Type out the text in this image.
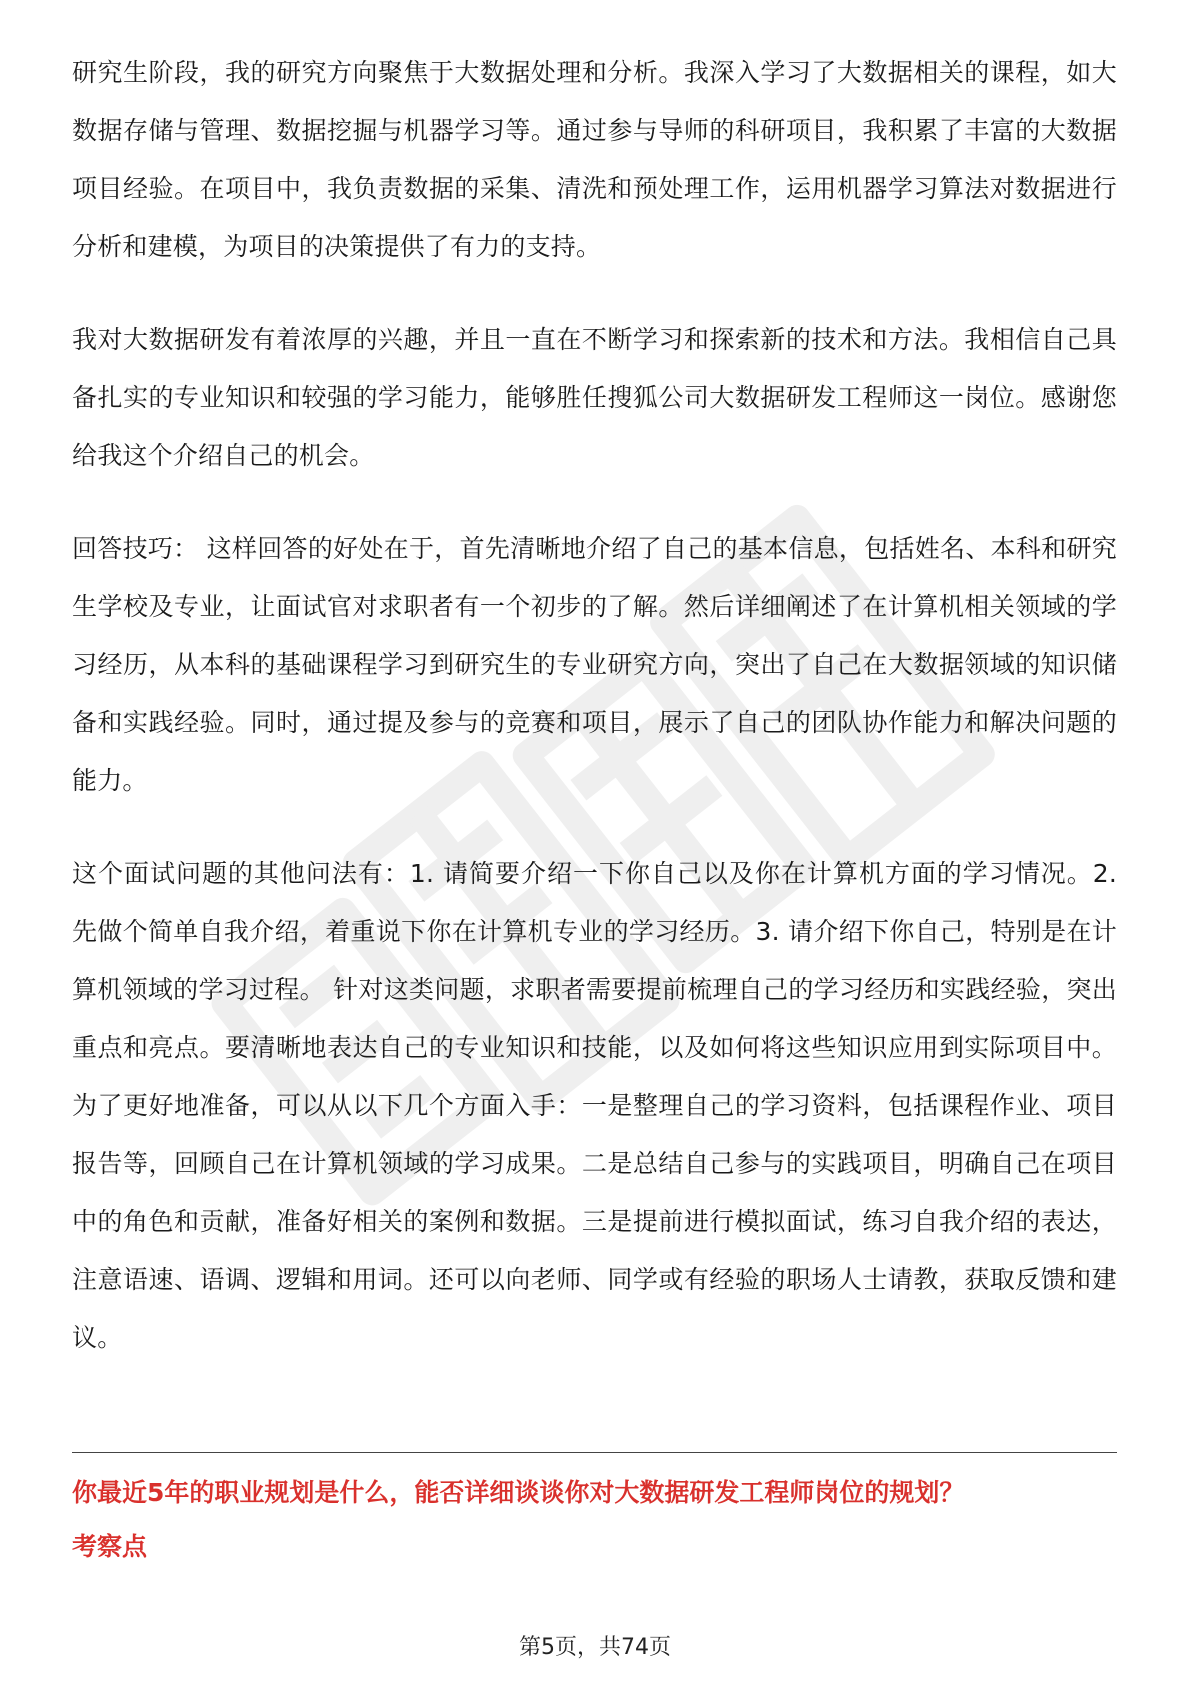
研究生阶段，我的研究方向聚焦于大数据处理和分析。我深入学习了大数据相关的课程，如大数据存储与管理、数据挖掘与机器学习等。通过参与导师的科研项目，我积累了丰富的大数据项目经验。在项目中，我负责数据的采集、清洗和预处理工作，运用机器学习算法对数据进行分析和建模，为项目的决策提供了有力的支持。

我对大数据研发有着浓厚的兴趣，并且一直在不断学习和探索新的技术和方法。我相信自己具备扎实的专业知识和较强的学习能力，能够胜任搜狐公司大数据研发工程师这一岗位。感谢您给我这个介绍自己的机会。

回答技巧： 这样回答的好处在于，首先清晰地介绍了自己的基本信息，包括姓名、本科和研究生学校及专业，让面试官对求职者有一个初步的了解。然后详细阐述了在计算机相关领域的学习经历，从本科的基础课程学习到研究生的专业研究方向，突出了自己在大数据领域的知识储备和实践经验。同时，通过提及参与的竞赛和项目，展示了自己的团队协作能力和解决问题的能力。

这个面试问题的其他问法有：1. 请简要介绍一下你自己以及你在计算机方面的学习情况。2. 先做个简单自我介绍，着重说下你在计算机专业的学习经历。3. 请介绍下你自己，特别是在计算机领域的学习过程。 针对这类问题，求职者需要提前梳理自己的学习经历和实践经验，突出重点和亮点。要清晰地表达自己的专业知识和技能，以及如何将这些知识应用到实际项目中。为了更好地准备，可以从以下几个方面入手：一是整理自己的学习资料，包括课程作业、项目报告等，回顾自己在计算机领域的学习成果。二是总结自己参与的实践项目，明确自己在项目中的角色和贡献，准备好相关的案例和数据。三是提前进行模拟面试，练习自我介绍的表达，注意语速、语调、逻辑和用词。还可以向老师、同学或有经验的职场人士请教，获取反馈和建议。

你最近5年的职业规划是什么，能否详细谈谈你对大数据研发工程师岗位的规划？
考察点
第5页，共74页
